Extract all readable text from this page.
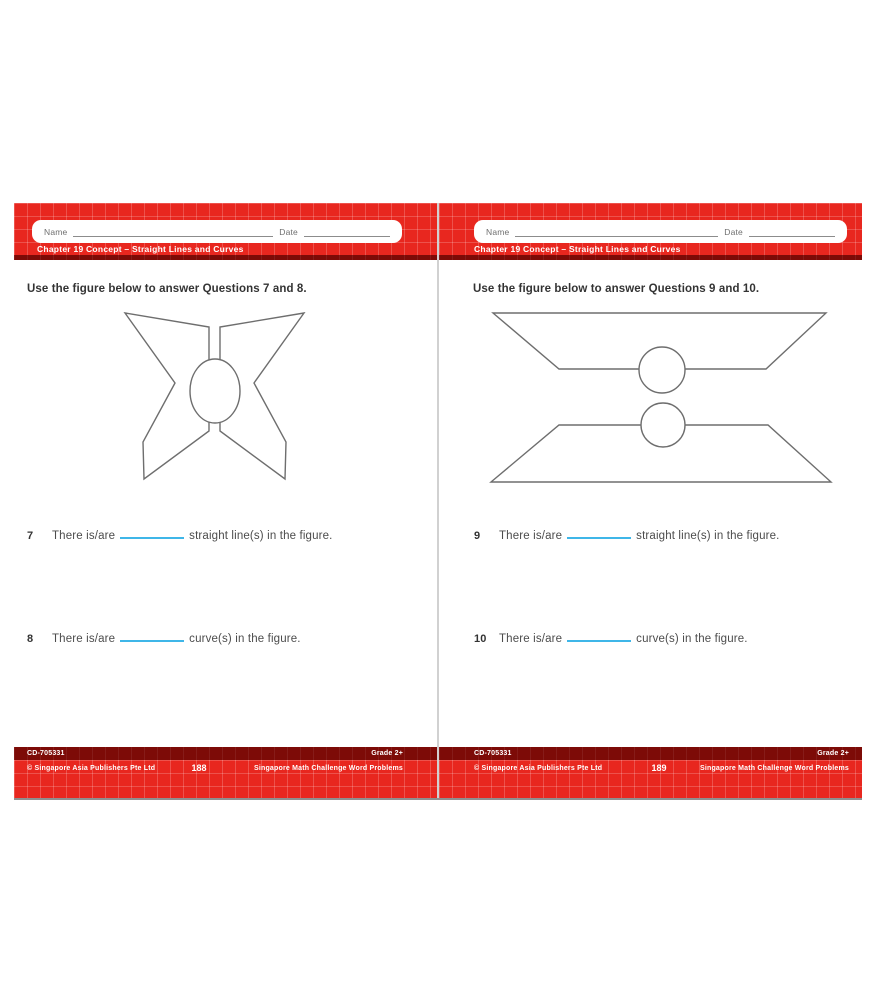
Name	Date
Chapter 19 Concept – Straight Lines and Curves
Use the figure below to answer Questions 7 and 8.
7	There is/are	straight line(s) in the figure.
8	There is/are	curve(s) in the figure.
CD-705331	Grade 2+
© Singapore Asia Publishers Pte Ltd	188	Singapore Math Challenge Word Problems
Name	Date
Chapter 19 Concept – Straight Lines and Curves
Use the figure below to answer Questions 9 and 10.
9	There is/are	straight line(s) in the figure.
10	There is/are	curve(s) in the figure.
CD-705331	Grade 2+
© Singapore Asia Publishers Pte Ltd	189	Singapore Math Challenge Word Problems
